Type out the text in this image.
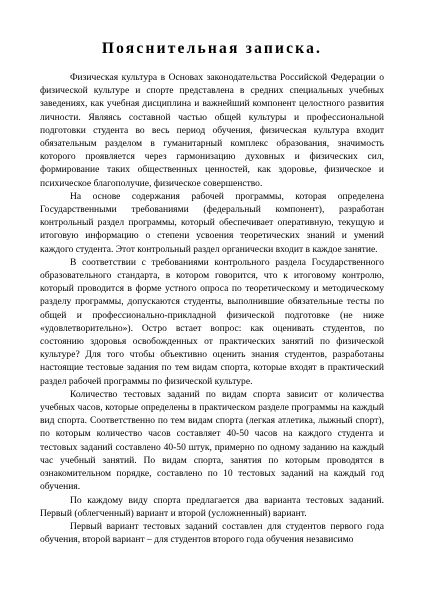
Пояснительная записка.

Физическая культура в Основах законодательства Российской Федерации о физической культуре и спорте представлена в средних специальных учебных заведениях, как учебная дисциплина и важнейший компонент целостного развития личности. Являясь составной частью общей культуры и профессиональной подготовки студента во весь период обучения, физическая культура входит обязательным разделом в гуманитарный комплекс образования, значимость которого проявляется через гармонизацию духовных и физических сил, формирование таких общественных ценностей, как здоровье, физическое и психическое благополучие, физическое совершенство.

На основе содержания рабочей программы, которая определена Государственными требованиями (федеральный компонент), разработан контрольный раздел программы, который обеспечивает оперативную, текущую и итоговую информацию о степени усвоения теоретических знаний и умений каждого студента. Этот контрольный раздел органически входит в каждое занятие.

В соответствии с требованиями контрольного раздела Государственного образовательного стандарта, в котором говорится, что к итоговому контролю, который проводится в форме устного опроса по теоретическому и методическому разделу программы, допускаются студенты, выполнившие обязательные тесты по общей и профессионально-прикладной физической подготовке (не ниже «удовлетворительно»). Остро встает вопрос: как оценивать студентов, по состоянию здоровья освобожденных от практических занятий по физической культуре? Для того чтобы объективно оценить знания студентов, разработаны настоящие тестовые задания по тем видам спорта, которые входят в практический раздел рабочей программы по физической культуре.

Количество тестовых заданий по видам спорта зависит от количества учебных часов, которые определены в практическом разделе программы на каждый вид спорта. Соответственно по тем видам спорта (легкая атлетика, лыжный спорт), по которым количество часов составляет 40-50 часов на каждого студента и тестовых заданий составлено 40-50 штук, примерно по одному заданию на каждый час учебный занятий. По видам спорта, занятия по которым проводятся в ознакомительном порядке, составлено по 10 тестовых заданий на каждый год обучения.

По каждому виду спорта предлагается два варианта тестовых заданий. Первый (облегченный) вариант и второй (усложненный) вариант.

Первый вариант тестовых заданий составлен для студентов первого года обучения, второй вариант – для студентов второго года обучения независимо
